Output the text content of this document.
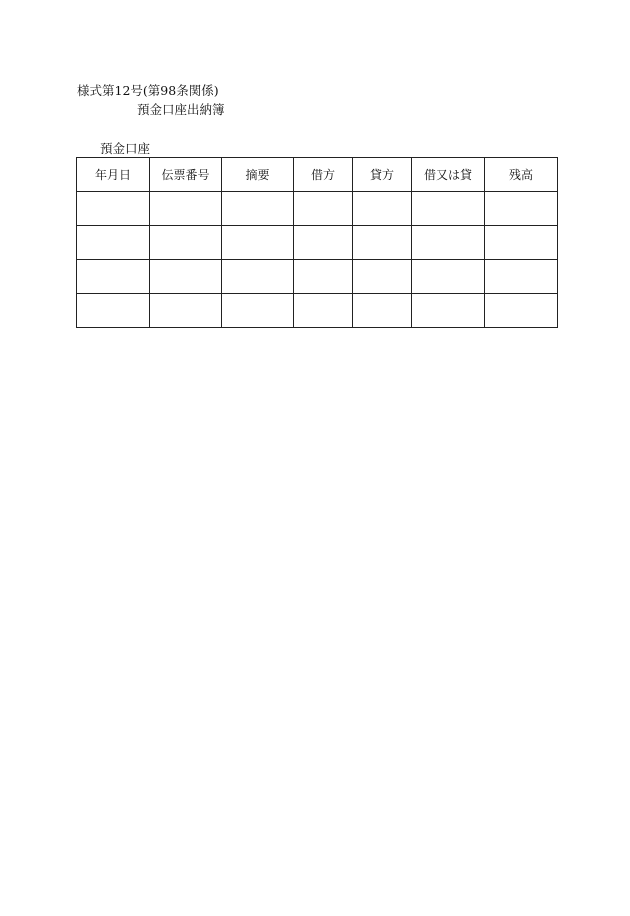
様式第12号(第98条関係)
預金口座出納簿
預金口座
年月日	伝票番号	摘要	借方	貸方	借又は貸	残高
